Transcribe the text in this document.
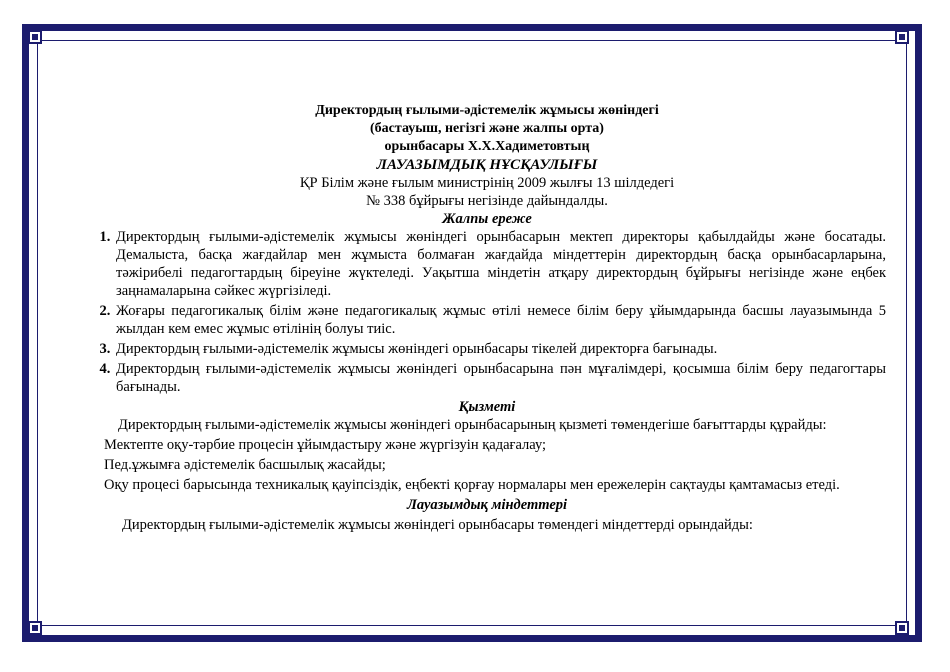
Директордың ғылыми-әдістемелік жұмысы жөніндегі
(бастауыш, негізгі және жалпы орта)
орынбасары Х.Х.Хадиметовтың
ЛАУАЗЫМДЫҚ НҰСҚАУЛЫҒЫ
ҚР Білім және ғылым министрінің 2009 жылғы 13 шілдедегі
№ 338 бұйрығы негізінде дайындалды.
Жалпы ереже
1. Директордың ғылыми-әдістемелік жұмысы жөніндегі орынбасарын мектеп директоры қабылдайды және босатады. Демалыста, басқа жағдайлар мен жұмыста болмаған жағдайда міндеттерін директордың басқа орынбасарларына, тәжірибелі педагогтардың біреуіне жүктеледі. Уақытша міндетін атқару директордың бұйрығы негізінде және еңбек заңнамаларына сәйкес жүргізіледі.
2. Жоғары педагогикалық білім және педагогикалық жұмыс өтілі немесе білім беру ұйымдарында басшы лауазымында 5 жылдан кем емес жұмыс өтілінің болуы тиіс.
3. Директордың ғылыми-әдістемелік жұмысы жөніндегі орынбасары тікелей директорға бағынады.
4. Директордың ғылыми-әдістемелік жұмысы жөніндегі орынбасарына пән мұғалімдері, қосымша білім беру педагогтары бағынады.
Қызметі
Директордың ғылыми-әдістемелік жұмысы жөніндегі орынбасарының қызметі төмендегіше бағыттарды құрайды:
Мектепте оқу-тәрбие процесін ұйымдастыру және жүргізуін қадағалау;
Пед.ұжымға әдістемелік басшылық жасайды;
Оқу процесі барысында техникалық қауіпсіздік, еңбекті қорғау нормалары мен ережелерін сақтауды қамтамасыз етеді.
Лауазымдық міндеттері
Директордың ғылыми-әдістемелік жұмысы жөніндегі орынбасары төмендегі міндеттерді орындайды:
